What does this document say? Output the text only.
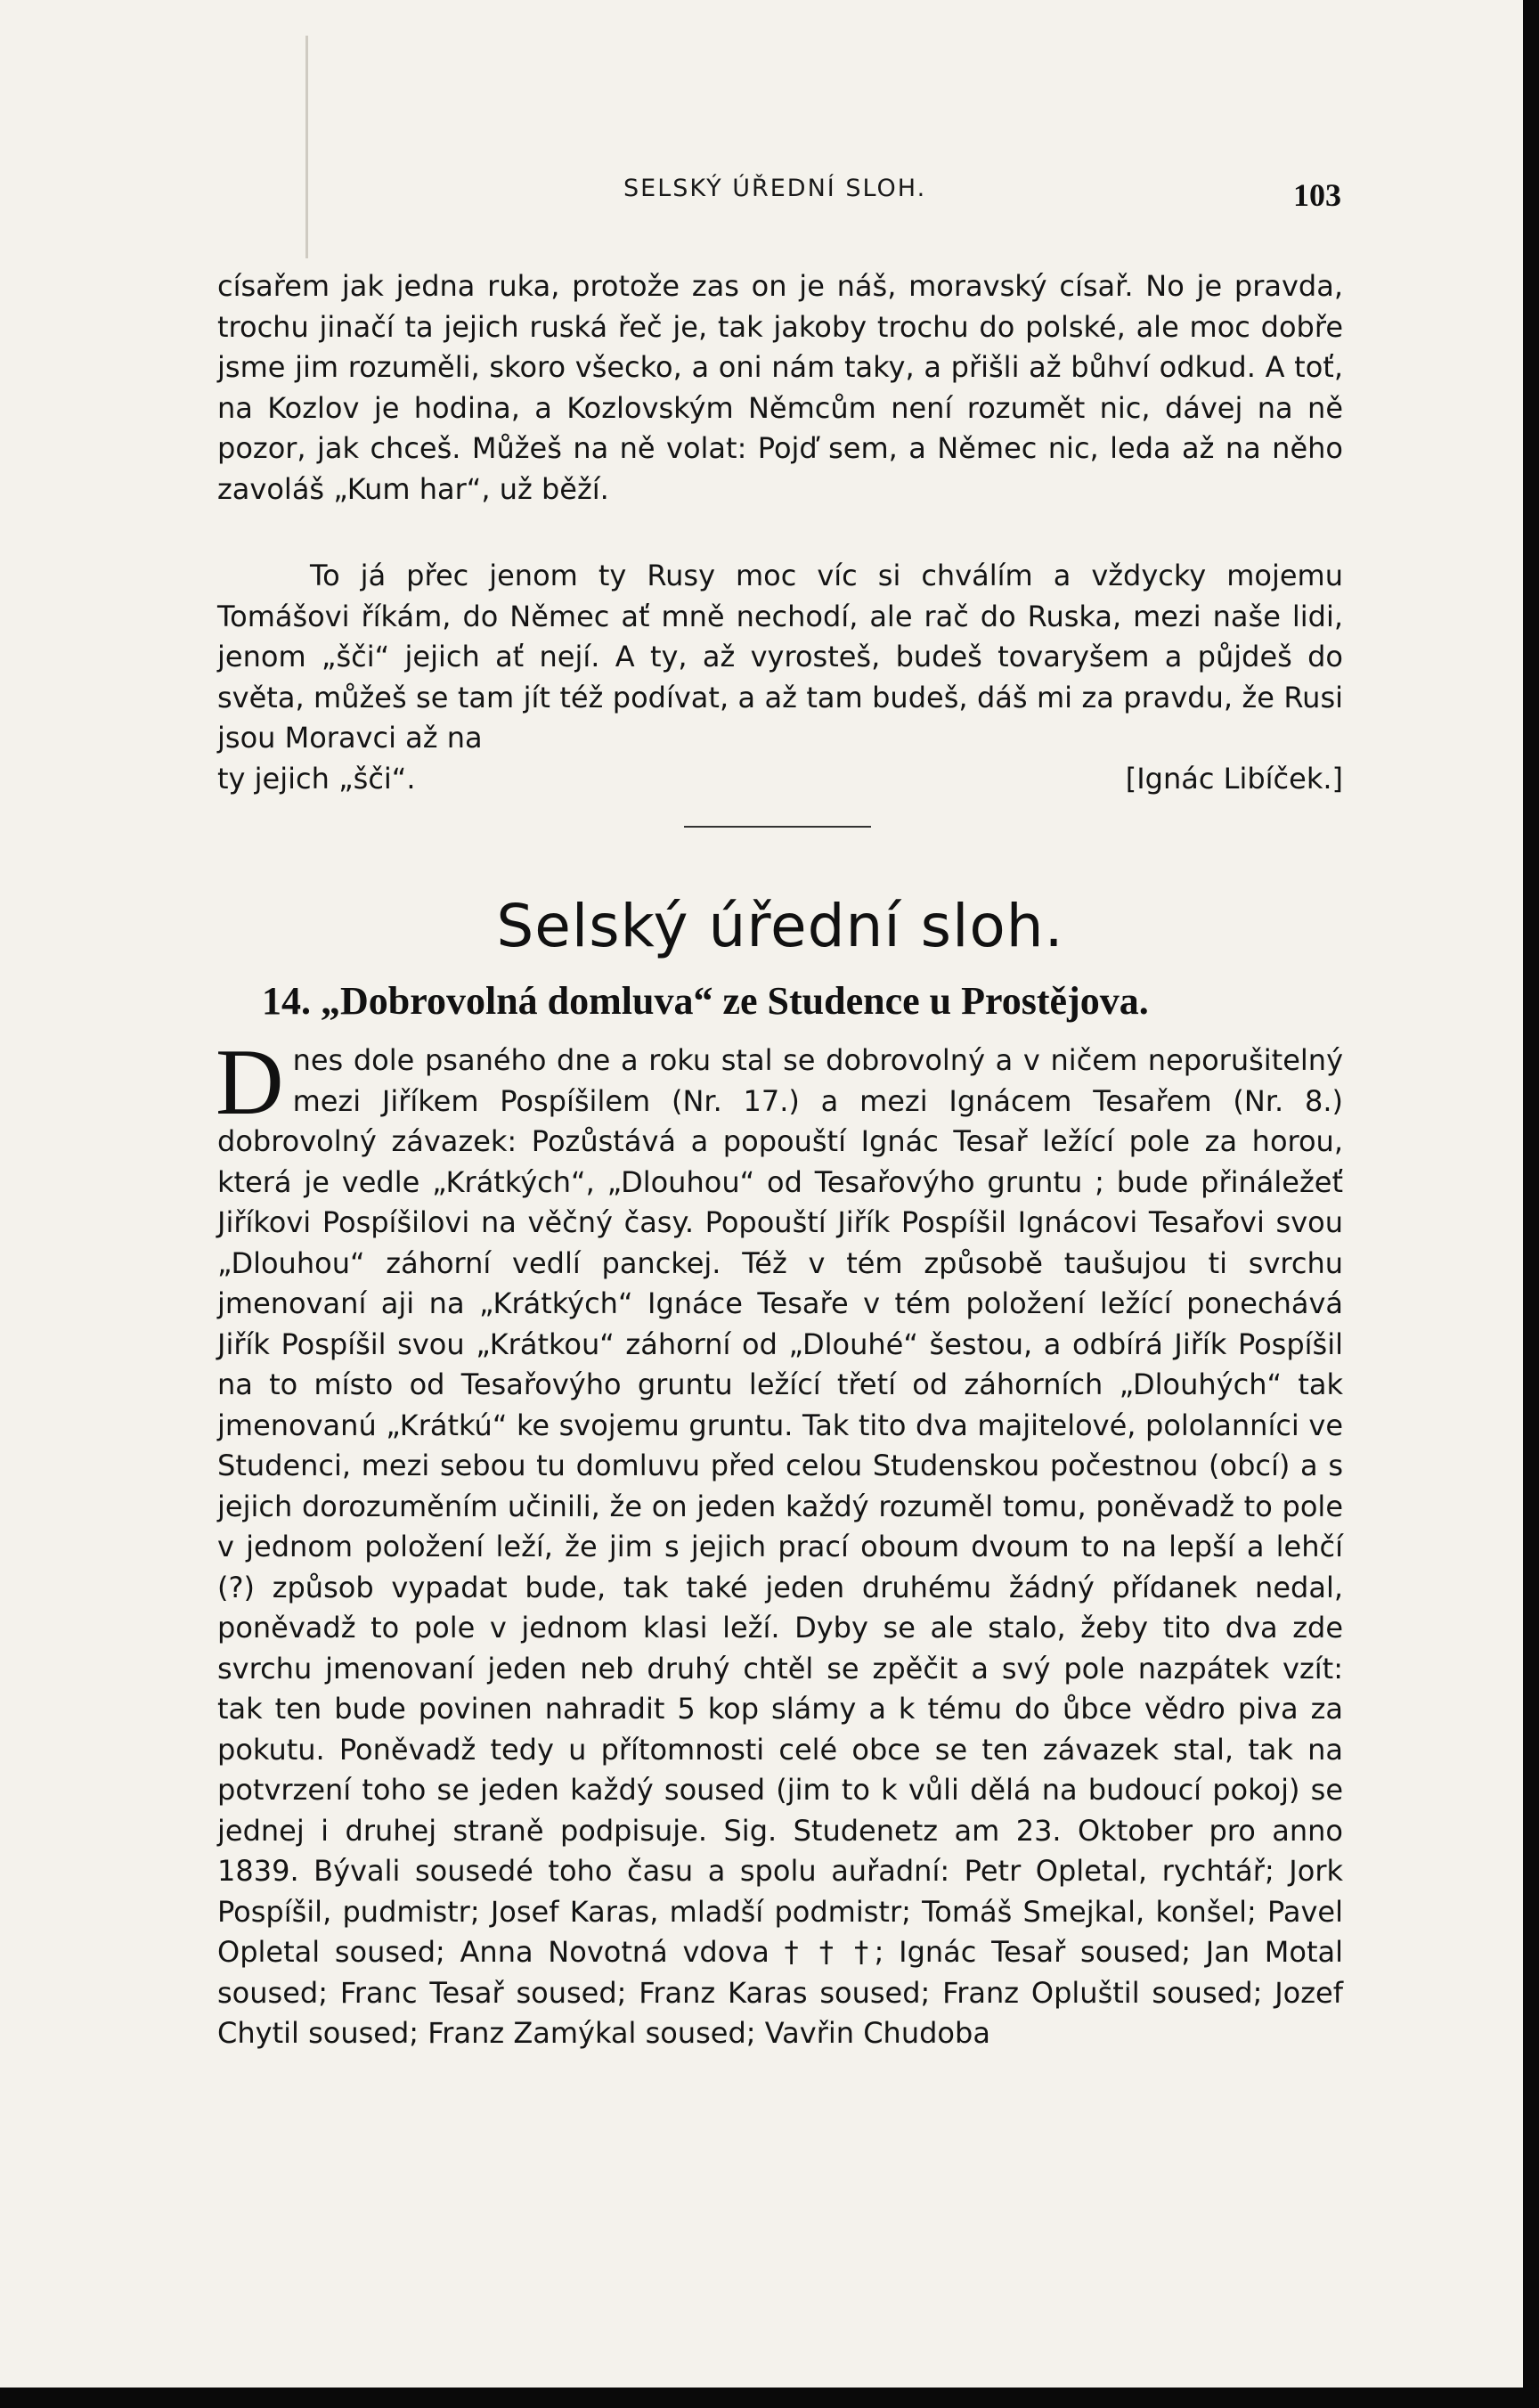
SELSKÝ ÚŘEDNÍ SLOH.	103

císařem jak jedna ruka, protože zas on je náš, moravský císař. No je pravda, trochu jinačí ta jejich ruská řeč je, tak jakoby trochu do polské, ale moc dobře jsme jim rozuměli, skoro všecko, a oni nám taky, a přišli až bůhví odkud. A toť, na Kozlov je hodina, a Kozlovským Němcům není rozumět nic, dávej na ně pozor, jak chceš. Můžeš na ně volat: Pojď sem, a Němec nic, leda až na něho zavoláš „Kum har“, už běží.

To já přec jenom ty Rusy moc víc si chválím a vždycky mojemu Tomášovi říkám, do Němec ať mně nechodí, ale rač do Ruska, mezi naše lidi, jenom „šči“ jejich ať nejí. A ty, až vyrosteš, budeš tovaryšem a půjdeš do světa, můžeš se tam jít též podívat, a až tam budeš, dáš mi za pravdu, že Rusi jsou Moravci až na

ty jejich „šči“.	[Ignác Libíček.]
Selský úřední sloh.
14. „Dobrovolná domluva“ ze Studence u Prostějova.
D nes dole psaného dne a roku stal se dobrovolný a v ničem neporušitelný mezi Jiříkem Pospíšilem (Nr. 17.) a mezi Ignácem Tesařem (Nr. 8.) dobrovolný závazek: Pozůstává a popouští Ignác Tesař ležící pole za horou, která je vedle „Krátkých“, „Dlouhou“ od Tesařovýho gruntu ; bude přináležeť Jiříkovi Pospíšilovi na věčný časy. Popouští Jiřík Pospíšil Ignácovi Tesařovi svou „Dlouhou“ záhorní vedlí panckej. Též v tém způsobě taušujou ti svrchu jmenovaní aji na „Krátkých“ Ignáce Tesaře v tém položení ležící ponechává Jiřík Pospíšil svou „Krátkou“ záhorní od „Dlouhé“ šestou, a odbírá Jiřík Pospíšil na to místo od Tesařovýho gruntu ležící třetí od záhorních „Dlouhých“ tak jmenovanú „Krátkú“ ke svojemu gruntu. Tak tito dva majitelové, pololanníci ve Studenci, mezi sebou tu domluvu před celou Studenskou počestnou (obcí) a s jejich dorozuměním učinili, že on jeden každý rozuměl tomu, poněvadž to pole v jednom položení leží, že jim s jejich prací oboum dvoum to na lepší a lehčí (?) způsob vypadat bude, tak také jeden druhému žádný přídanek nedal, poněvadž to pole v jednom klasi leží. Dyby se ale stalo, žeby tito dva zde svrchu jmenovaní jeden neb druhý chtěl se zpěčit a svý pole nazpátek vzít: tak ten bude povinen nahradit 5 kop slámy a k tému do ůbce vědro piva za pokutu. Poněvadž tedy u přítomnosti celé obce se ten závazek stal, tak na potvrzení toho se jeden každý soused (jim to k vůli dělá na budoucí pokoj) se jednej i druhej straně podpisuje. Sig. Studenetz am 23. Oktober pro anno 1839. Bývali sousedé toho času a spolu auřadní: Petr Opletal, rychtář; Jork Pospíšil, pudmistr; Josef Karas, mladší podmistr; Tomáš Smejkal, konšel; Pavel Opletal soused; Anna Novotná vdova † † †; Ignác Tesař soused; Jan Motal soused; Franc Tesař soused; Franz Karas soused; Franz Opluštil soused; Jozef Chytil soused; Franz Zamýkal soused; Vavřin Chudoba
